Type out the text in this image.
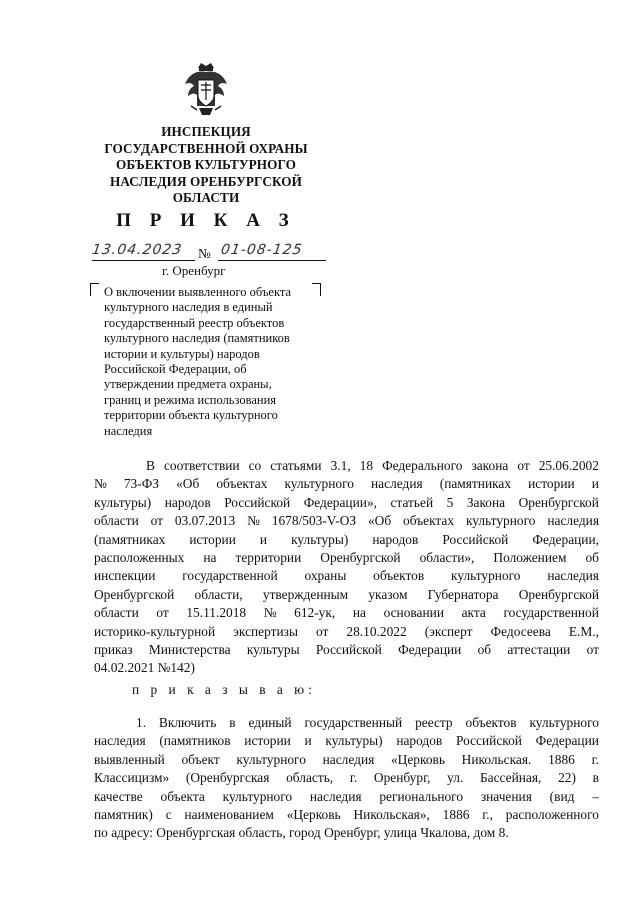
ИНСПЕКЦИЯ
ГОСУДАРСТВЕННОЙ ОХРАНЫ
ОБЪЕКТОВ КУЛЬТУРНОГО
НАСЛЕДИЯ ОРЕНБУРГСКОЙ
ОБЛАСТИ
П Р И К А З
13.04.2023 № 01-08-125
г. Оренбург
О включении выявленного объекта
культурного наследия в единый
государственный реестр объектов
культурного наследия (памятников
истории и культуры) народов
Российской Федерации, об
утверждении предмета охраны,
границ и режима использования
территории объекта культурного
наследия
В соответствии со статьями 3.1, 18 Федерального закона от 25.06.2002
№ 73-ФЗ «Об объектах культурного наследия (памятниках истории и
культуры) народов Российской Федерации», статьей 5 Закона Оренбургской
области от 03.07.2013 № 1678/503-V-ОЗ «Об объектах культурного наследия
(памятниках истории и культуры) народов Российской Федерации,
расположенных на территории Оренбургской области», Положением об
инспекции государственной охраны объектов культурного наследия
Оренбургской области, утвержденным указом Губернатора Оренбургской
области от 15.11.2018 № 612-ук, на основании акта государственной
историко-культурной экспертизы от 28.10.2022 (эксперт Федосеева Е.М.,
приказ Министерства культуры Российской Федерации об аттестации от
04.02.2021 №142)
п р и к а з ы в а ю:
1. Включить в единый государственный реестр объектов культурного
наследия (памятников истории и культуры) народов Российской Федерации
выявленный объект культурного наследия «Церковь Никольская. 1886 г.
Классицизм» (Оренбургская область, г. Оренбург, ул. Бассейная, 22) в
качестве объекта культурного наследия регионального значения (вид –
памятник) с наименованием «Церковь Никольская», 1886 г., расположенного
по адресу: Оренбургская область, город Оренбург, улица Чкалова, дом 8.
